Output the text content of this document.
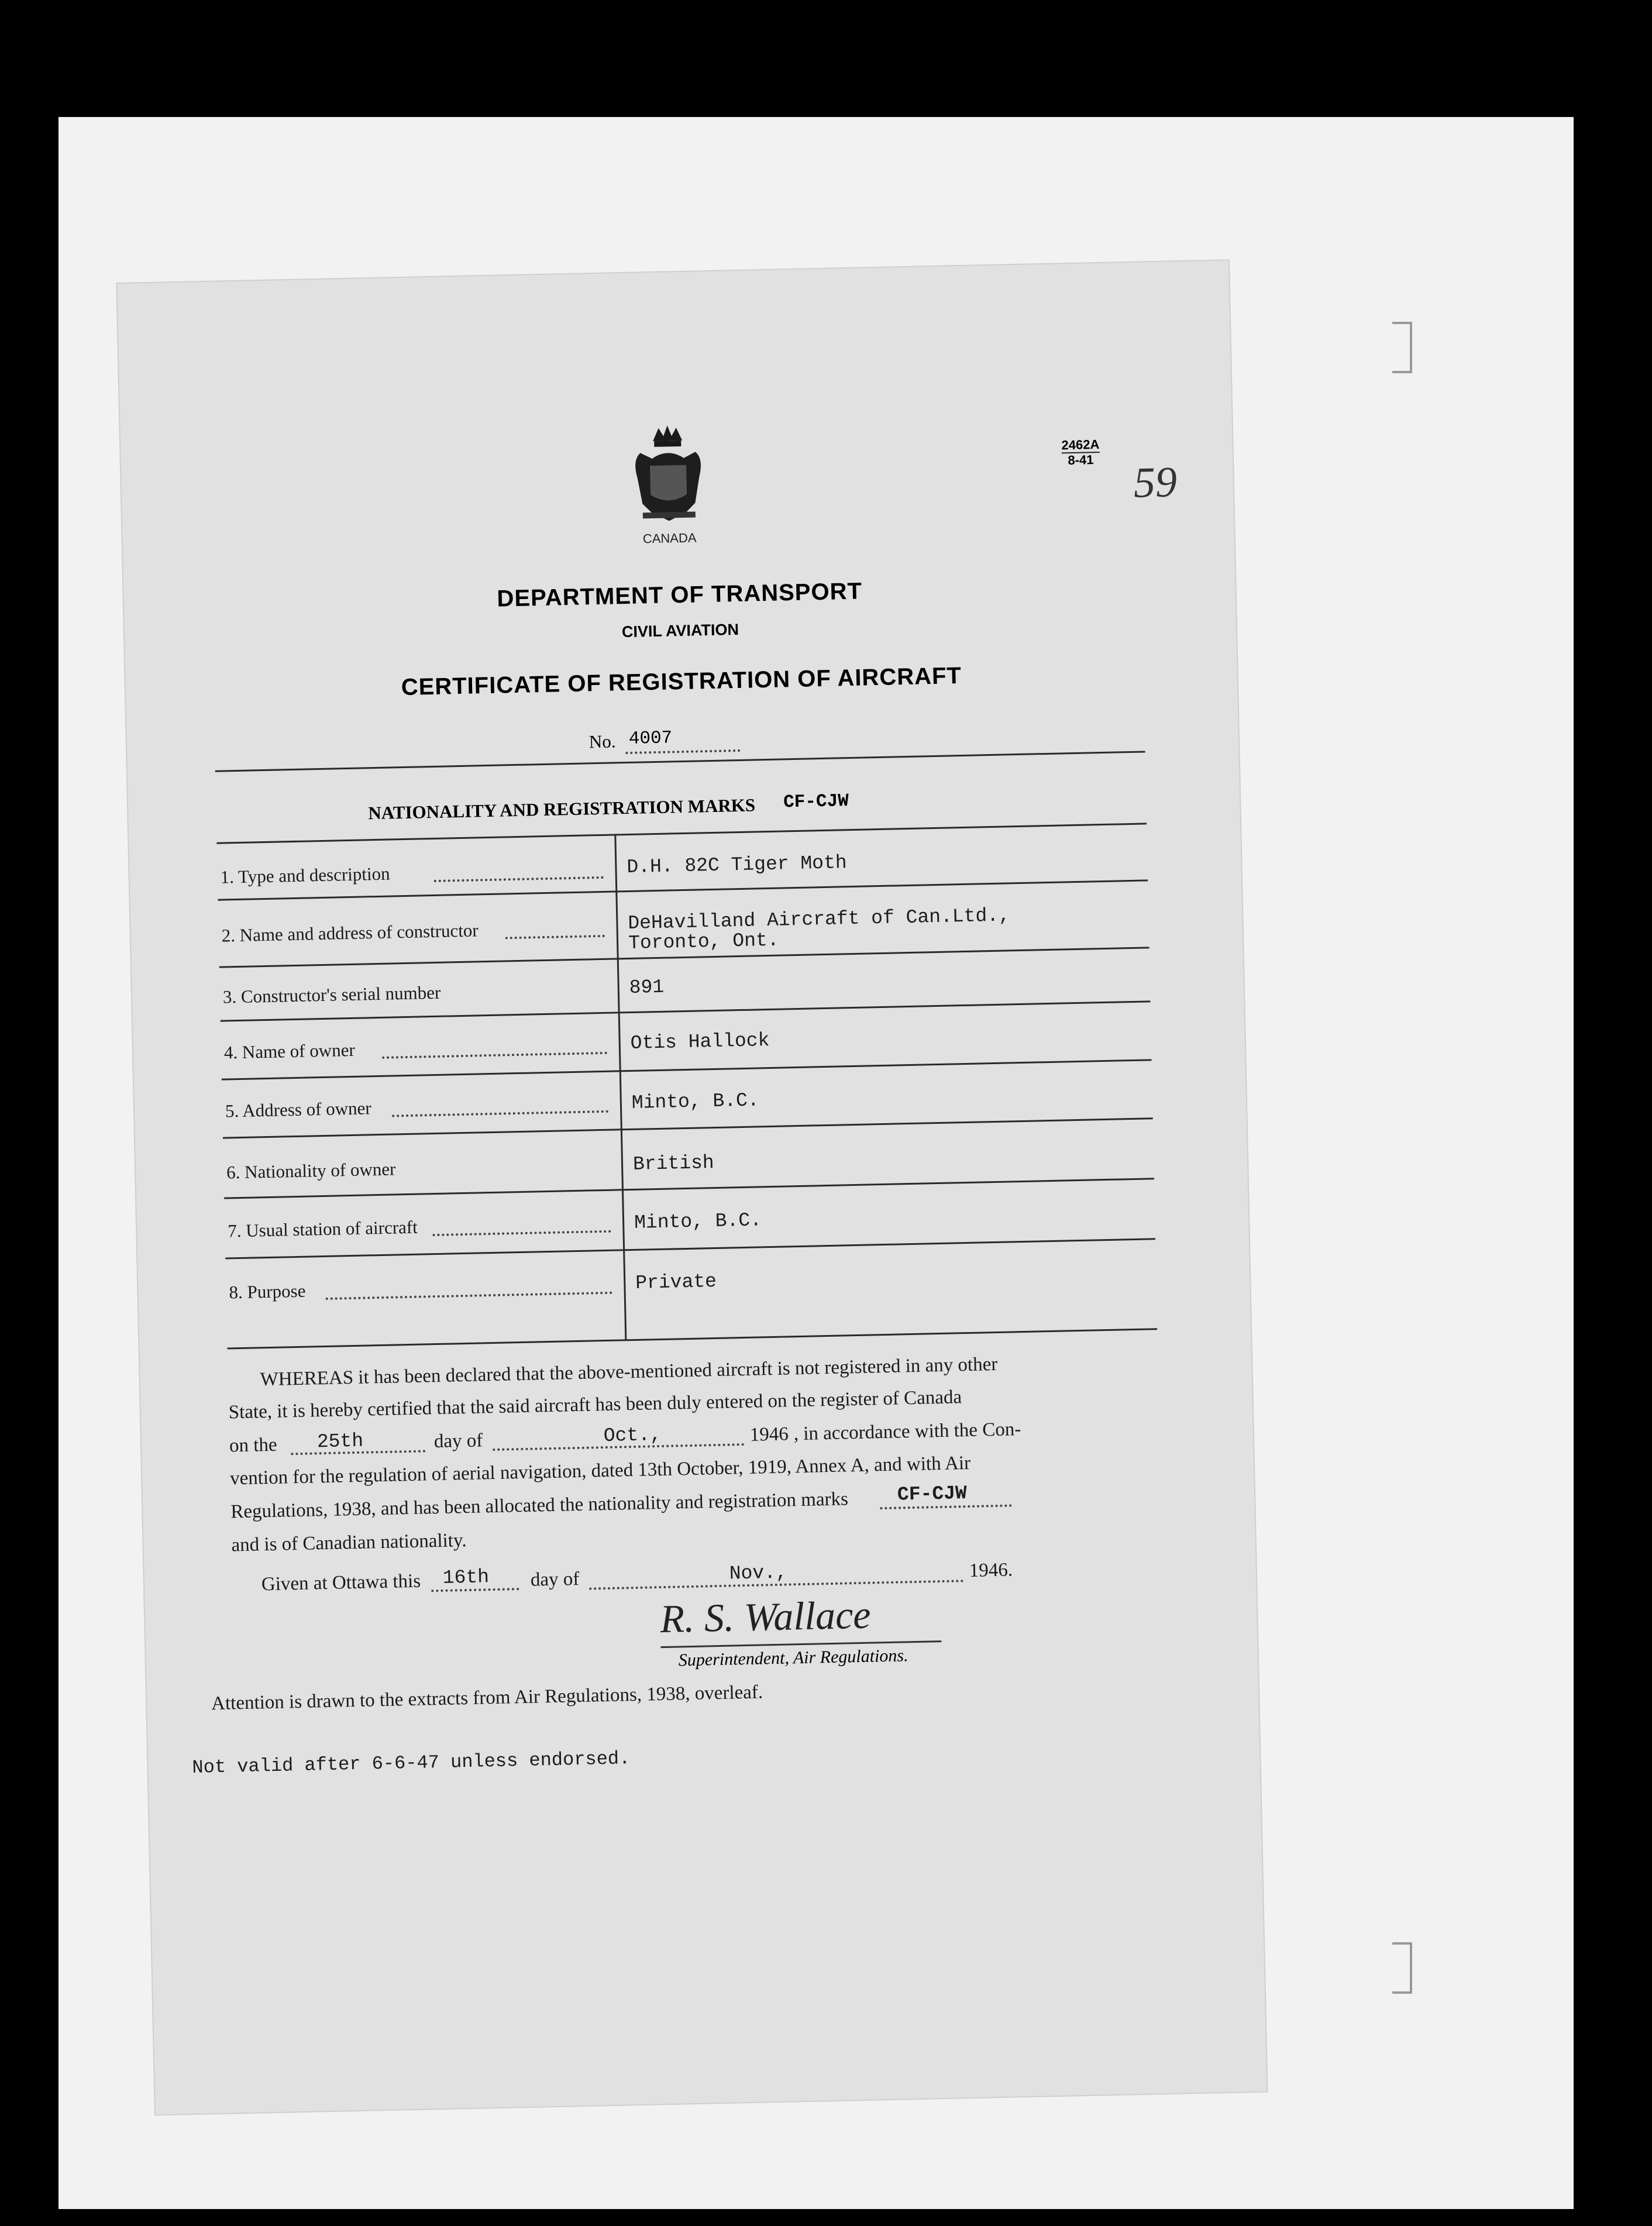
2462A
8-41 59
CANADA
DEPARTMENT OF TRANSPORT
CIVIL AVIATION
CERTIFICATE OF REGISTRATION OF AIRCRAFT
No. 4007
NATIONALITY AND REGISTRATION MARKS CF-CJW
1. Type and description	D.H. 82C Tiger Moth
2. Name and address of constructor	DeHavilland Aircraft of Can.Ltd.,
Toronto, Ont.
3. Constructor's serial number	891
4. Name of owner	Otis Hallock
5. Address of owner	Minto, B.C.
6. Nationality of owner	British
7. Usual station of aircraft	Minto, B.C.
8. Purpose	Private
WHEREAS it has been declared that the above-mentioned aircraft is not registered in any other
State, it is hereby certified that the said aircraft has been duly entered on the register of Canada
on the 25th	day of	Oct.,	1946 , in accordance with the Con-
vention for the regulation of aerial navigation, dated 13th October, 1919, Annex A, and with Air
Regulations, 1938, and has been allocated the nationality and registration marks	CF-CJW
and is of Canadian nationality.
Given at Ottawa this 16th day of	Nov.,	1946.
R. S. Wallace
Superintendent, Air Regulations.
Attention is drawn to the extracts from Air Regulations, 1938, overleaf.
Not valid after 6-6-47 unless endorsed.
